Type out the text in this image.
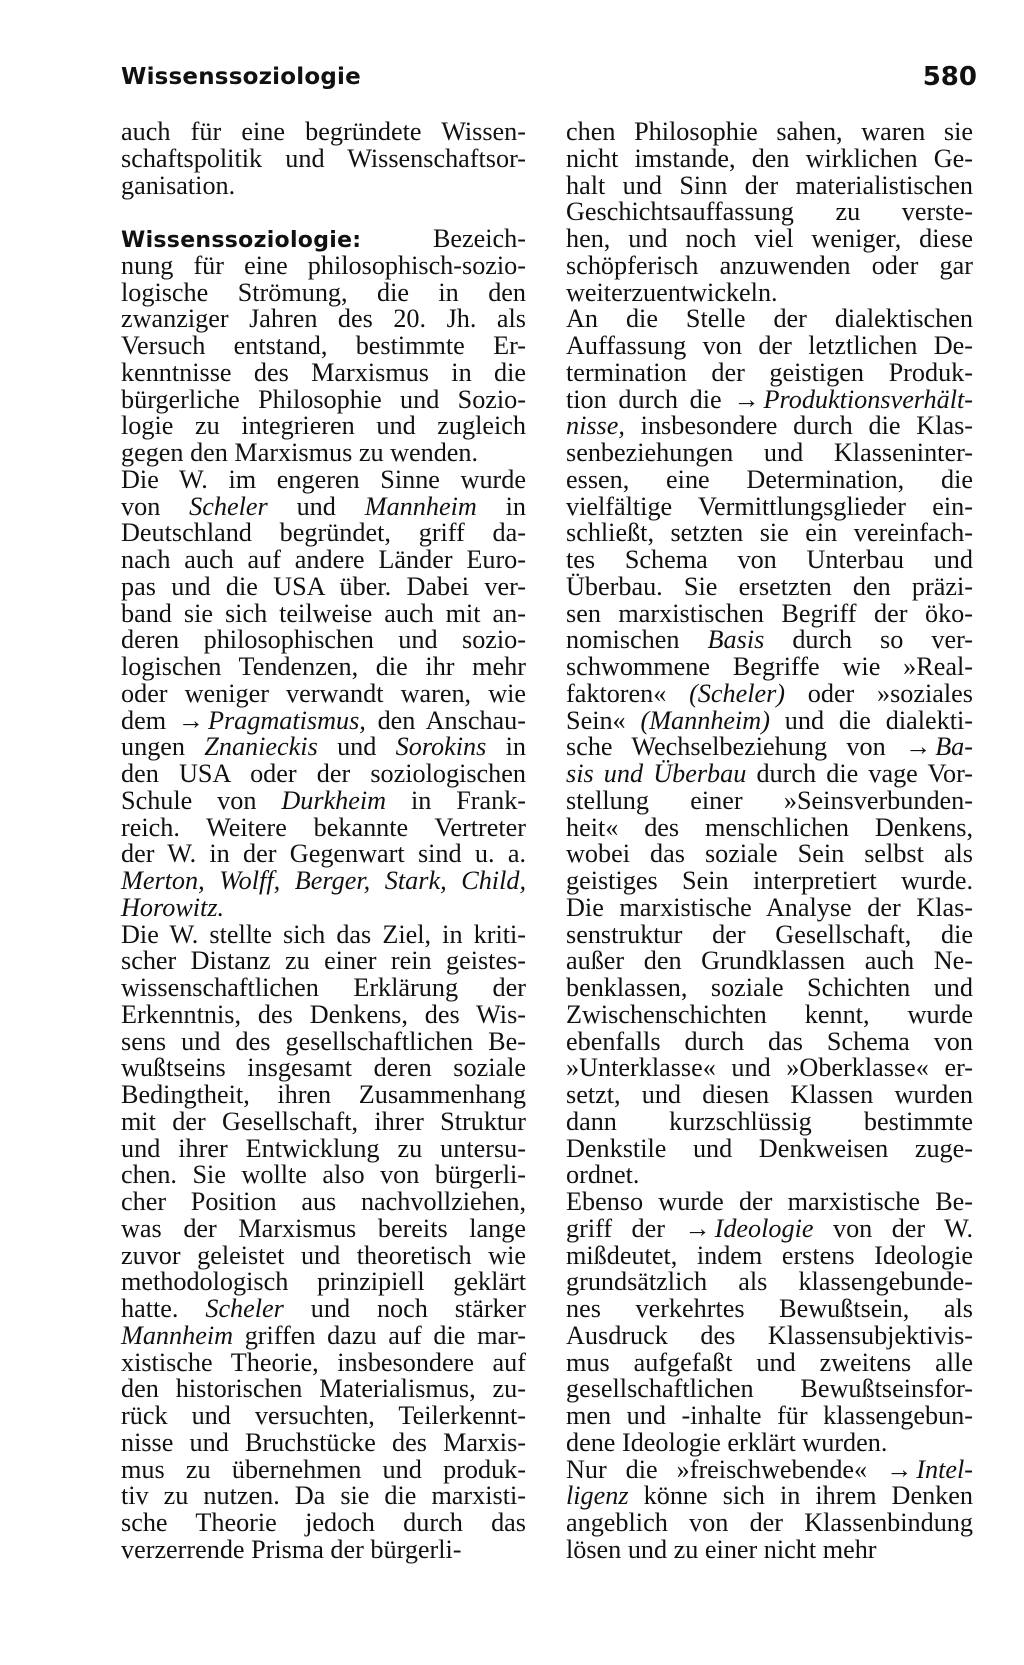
Wissenssoziologie	580
auch für eine begründete Wissen-
schaftspolitik und Wissenschaftsor-
ganisation.
Wissenssoziologie: Bezeich-
nung für eine philosophisch-sozio-
logische Strömung, die in den
zwanziger Jahren des 20. Jh. als
Versuch entstand, bestimmte Er-
kenntnisse des Marxismus in die
bürgerliche Philosophie und Sozio-
logie zu integrieren und zugleich
gegen den Marxismus zu wenden.
Die W. im engeren Sinne wurde
von Scheler und Mannheim in
Deutschland begründet, griff da-
nach auch auf andere Länder Euro-
pas und die USA über. Dabei ver-
band sie sich teilweise auch mit an-
deren philosophischen und sozio-
logischen Tendenzen, die ihr mehr
oder weniger verwandt waren, wie
dem → Pragmatismus, den Anschau-
ungen Znanieckis und Sorokins in
den USA oder der soziologischen
Schule von Durkheim in Frank-
reich. Weitere bekannte Vertreter
der W. in der Gegenwart sind u. a.
Merton, Wolff, Berger, Stark, Child,
Horowitz.
Die W. stellte sich das Ziel, in kriti-
scher Distanz zu einer rein geistes-
wissenschaftlichen Erklärung der
Erkenntnis, des Denkens, des Wis-
sens und des gesellschaftlichen Be-
wußtseins insgesamt deren soziale
Bedingtheit, ihren Zusammenhang
mit der Gesellschaft, ihrer Struktur
und ihrer Entwicklung zu untersu-
chen. Sie wollte also von bürgerli-
cher Position aus nachvollziehen,
was der Marxismus bereits lange
zuvor geleistet und theoretisch wie
methodologisch prinzipiell geklärt
hatte. Scheler und noch stärker
Mannheim griffen dazu auf die mar-
xistische Theorie, insbesondere auf
den historischen Materialismus, zu-
rück und versuchten, Teilerkennt-
nisse und Bruchstücke des Marxis-
mus zu übernehmen und produk-
tiv zu nutzen. Da sie die marxisti-
sche Theorie jedoch durch das
verzerrende Prisma der bürgerli-
chen Philosophie sahen, waren sie
nicht imstande, den wirklichen Ge-
halt und Sinn der materialistischen
Geschichtsauffassung zu verste-
hen, und noch viel weniger, diese
schöpferisch anzuwenden oder gar
weiterzuentwickeln.
An die Stelle der dialektischen
Auffassung von der letztlichen De-
termination der geistigen Produk-
tion durch die → Produktionsverhält-
nisse, insbesondere durch die Klas-
senbeziehungen und Klasseninter-
essen, eine Determination, die
vielfältige Vermittlungsglieder ein-
schließt, setzten sie ein vereinfach-
tes Schema von Unterbau und
Überbau. Sie ersetzten den präzi-
sen marxistischen Begriff der öko-
nomischen Basis durch so ver-
schwommene Begriffe wie »Real-
faktoren« (Scheler) oder »soziales
Sein« (Mannheim) und die dialekti-
sche Wechselbeziehung von → Ba-
sis und Überbau durch die vage Vor-
stellung einer »Seinsverbunden-
heit« des menschlichen Denkens,
wobei das soziale Sein selbst als
geistiges Sein interpretiert wurde.
Die marxistische Analyse der Klas-
senstruktur der Gesellschaft, die
außer den Grundklassen auch Ne-
benklassen, soziale Schichten und
Zwischenschichten kennt, wurde
ebenfalls durch das Schema von
»Unterklasse« und »Oberklasse« er-
setzt, und diesen Klassen wurden
dann kurzschlüssig bestimmte
Denkstile und Denkweisen zuge-
ordnet.
Ebenso wurde der marxistische Be-
griff der → Ideologie von der W.
mißdeutet, indem erstens Ideologie
grundsätzlich als klassengebunde-
nes verkehrtes Bewußtsein, als
Ausdruck des Klassensubjektivis-
mus aufgefaßt und zweitens alle
gesellschaftlichen Bewußtseinsfor-
men und -inhalte für klassengebun-
dene Ideologie erklärt wurden.
Nur die »freischwebende« → Intel-
ligenz könne sich in ihrem Denken
angeblich von der Klassenbindung
lösen und zu einer nicht mehr
